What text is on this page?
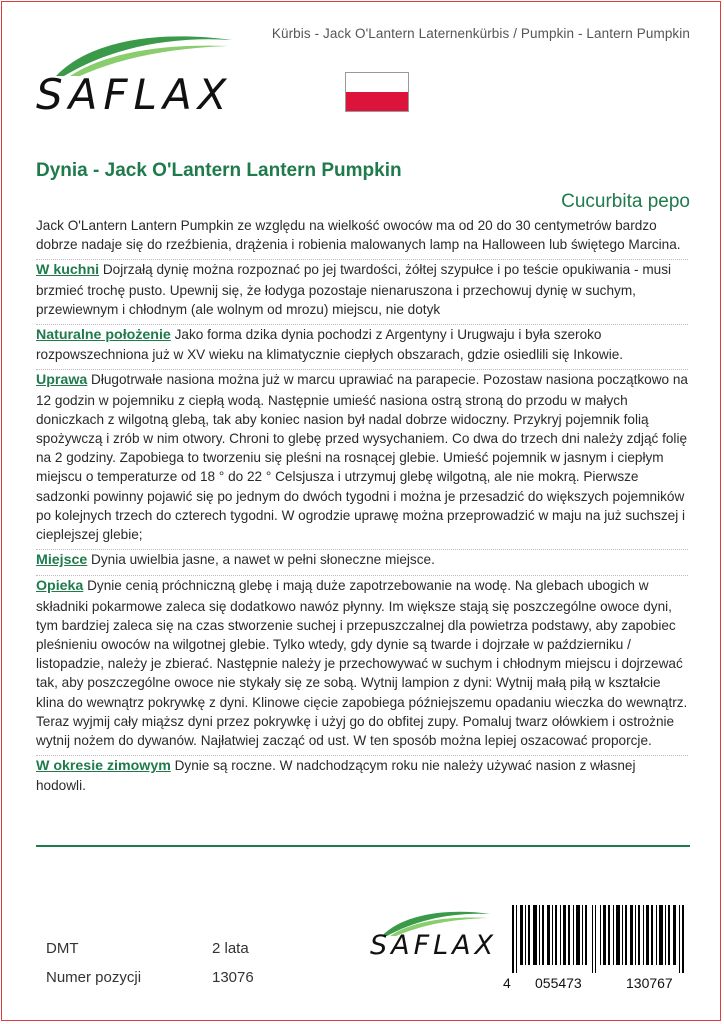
Kürbis - Jack O'Lantern Laternenkürbis / Pumpkin - Lantern Pumpkin
SAFLAX
Dynia - Jack O'Lantern Lantern Pumpkin
Cucurbita pepo

Jack O'Lantern Lantern Pumpkin ze względu na wielkość owoców ma od 20 do 30 centymetrów bardzo dobrze nadaje się do rzeźbienia, drążenia i robienia malowanych lamp na Halloween lub świętego Marcina.

W kuchni Dojrzałą dynię można rozpoznać po jej twardości, żółtej szypułce i po teście opukiwania - musi brzmieć trochę pusto. Upewnij się, że łodyga pozostaje nienaruszona i przechowuj dynię w suchym, przewiewnym i chłodnym (ale wolnym od mrozu) miejscu, nie dotyk

Naturalne położenie Jako forma dzika dynia pochodzi z Argentyny i Urugwaju i była szeroko rozpowszechniona już w XV wieku na klimatycznie ciepłych obszarach, gdzie osiedlili się Inkowie.

Uprawa Długotrwałe nasiona można już w marcu uprawiać na parapecie. Pozostaw nasiona początkowo na 12 godzin w pojemniku z ciepłą wodą. Następnie umieść nasiona ostrą stroną do przodu w małych doniczkach z wilgotną glebą, tak aby koniec nasion był nadal dobrze widoczny. Przykryj pojemnik folią spożywczą i zrób w nim otwory. Chroni to glebę przed wysychaniem. Co dwa do trzech dni należy zdjąć folię na 2 godziny. Zapobiega to tworzeniu się pleśni na rosnącej glebie. Umieść pojemnik w jasnym i ciepłym miejscu o temperaturze od 18 ° do 22 ° Celsjusza i utrzymuj glebę wilgotną, ale nie mokrą. Pierwsze sadzonki powinny pojawić się po jednym do dwóch tygodni i można je przesadzić do większych pojemników po kolejnych trzech do czterech tygodni. W ogrodzie uprawę można przeprowadzić w maju na już suchszej i cieplejszej glebie;

Miejsce Dynia uwielbia jasne, a nawet w pełni słoneczne miejsce.

Opieka Dynie cenią próchniczną glebę i mają duże zapotrzebowanie na wodę. Na glebach ubogich w składniki pokarmowe zaleca się dodatkowo nawóz płynny. Im większe stają się poszczególne owoce dyni, tym bardziej zaleca się na czas stworzenie suchej i przepuszczalnej dla powietrza podstawy, aby zapobiec pleśnieniu owoców na wilgotnej glebie. Tylko wtedy, gdy dynie są twarde i dojrzałe w październiku / listopadzie, należy je zbierać. Następnie należy je przechowywać w suchym i chłodnym miejscu i dojrzewać tak, aby poszczególne owoce nie stykały się ze sobą. Wytnij lampion z dyni: Wytnij małą piłą w kształcie klina do wewnątrz pokrywkę z dyni. Klinowe cięcie zapobiega późniejszemu opadaniu wieczka do wewnątrz. Teraz wyjmij cały miąższ dyni przez pokrywkę i użyj go do obfitej zupy. Pomaluj twarz ołówkiem i ostrożnie wytnij nożem do dywanów. Najłatwiej zacząć od ust. W ten sposób można lepiej oszacować proporcje.

W okresie zimowym Dynie są roczne. W nadchodzącym roku nie należy używać nasion z własnej hodowli.

DMT	2 lata
Numer pozycji	13076
SAFLAX
4 055473	130767
